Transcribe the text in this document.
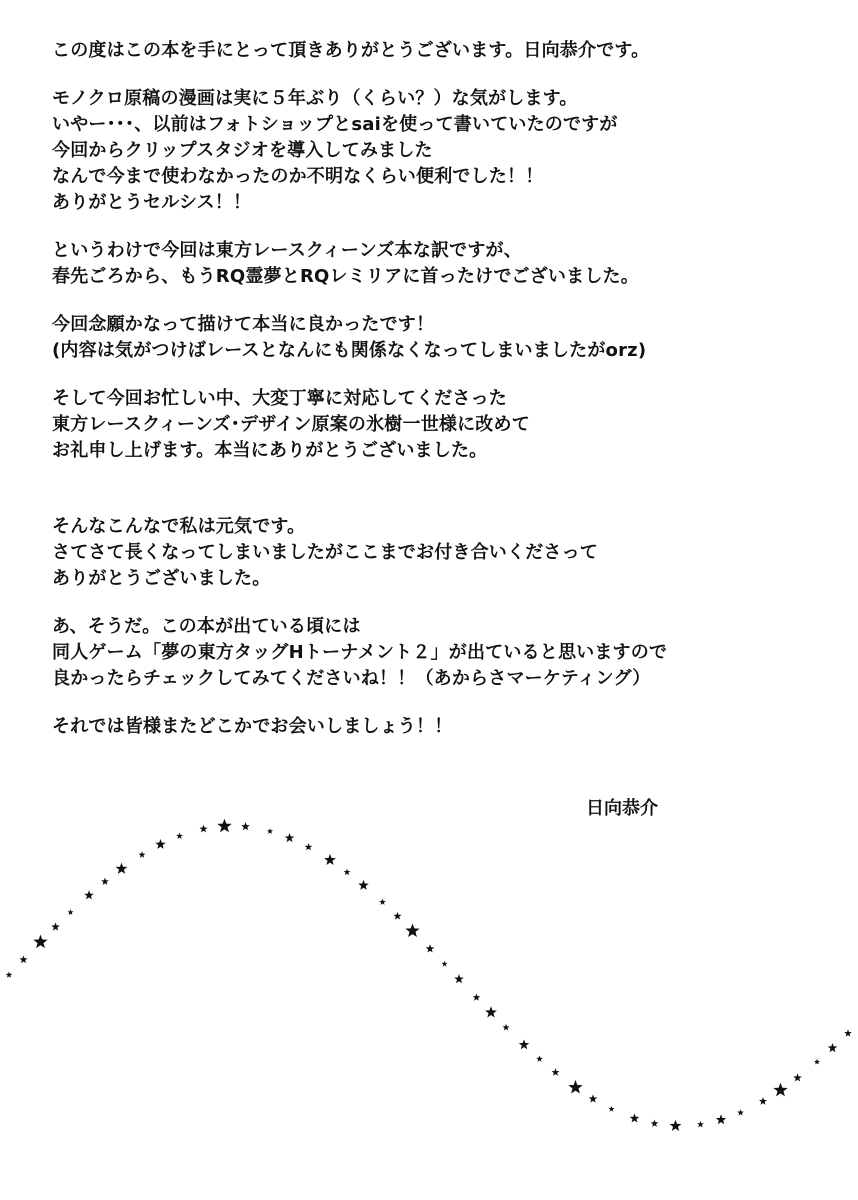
この度はこの本を手にとって頂きありがとうございます。日向恭介です。

モノクロ原稿の漫画は実に５年ぶり（くらい？）な気がします。
いやー･･･、以前はフォトショップとsaiを使って書いていたのですが
今回からクリップスタジオを導入してみました
なんで今まで使わなかったのか不明なくらい便利でした！！
ありがとうセルシス！！

というわけで今回は東方レースクィーンズ本な訳ですが、
春先ごろから、もうRQ霊夢とRQレミリアに首ったけでございました。

今回念願かなって描けて本当に良かったです！
(内容は気がつけばレースとなんにも関係なくなってしまいましたがorz)

そして今回お忙しい中、大変丁寧に対応してくださった
東方レースクィーンズ･デザイン原案の氷樹一世様に改めて
お礼申し上げます。本当にありがとうございました。

そんなこんなで私は元気です。
さてさて長くなってしまいましたがここまでお付き合いくださって
ありがとうございました。

あ、そうだ。この本が出ている頃には
同人ゲーム「夢の東方タッグHトーナメント２」が出ていると思いますので
良かったらチェックしてみてくださいね！！（あからさマーケティング）

それでは皆様またどこかでお会いしましょう！！

日向恭介
